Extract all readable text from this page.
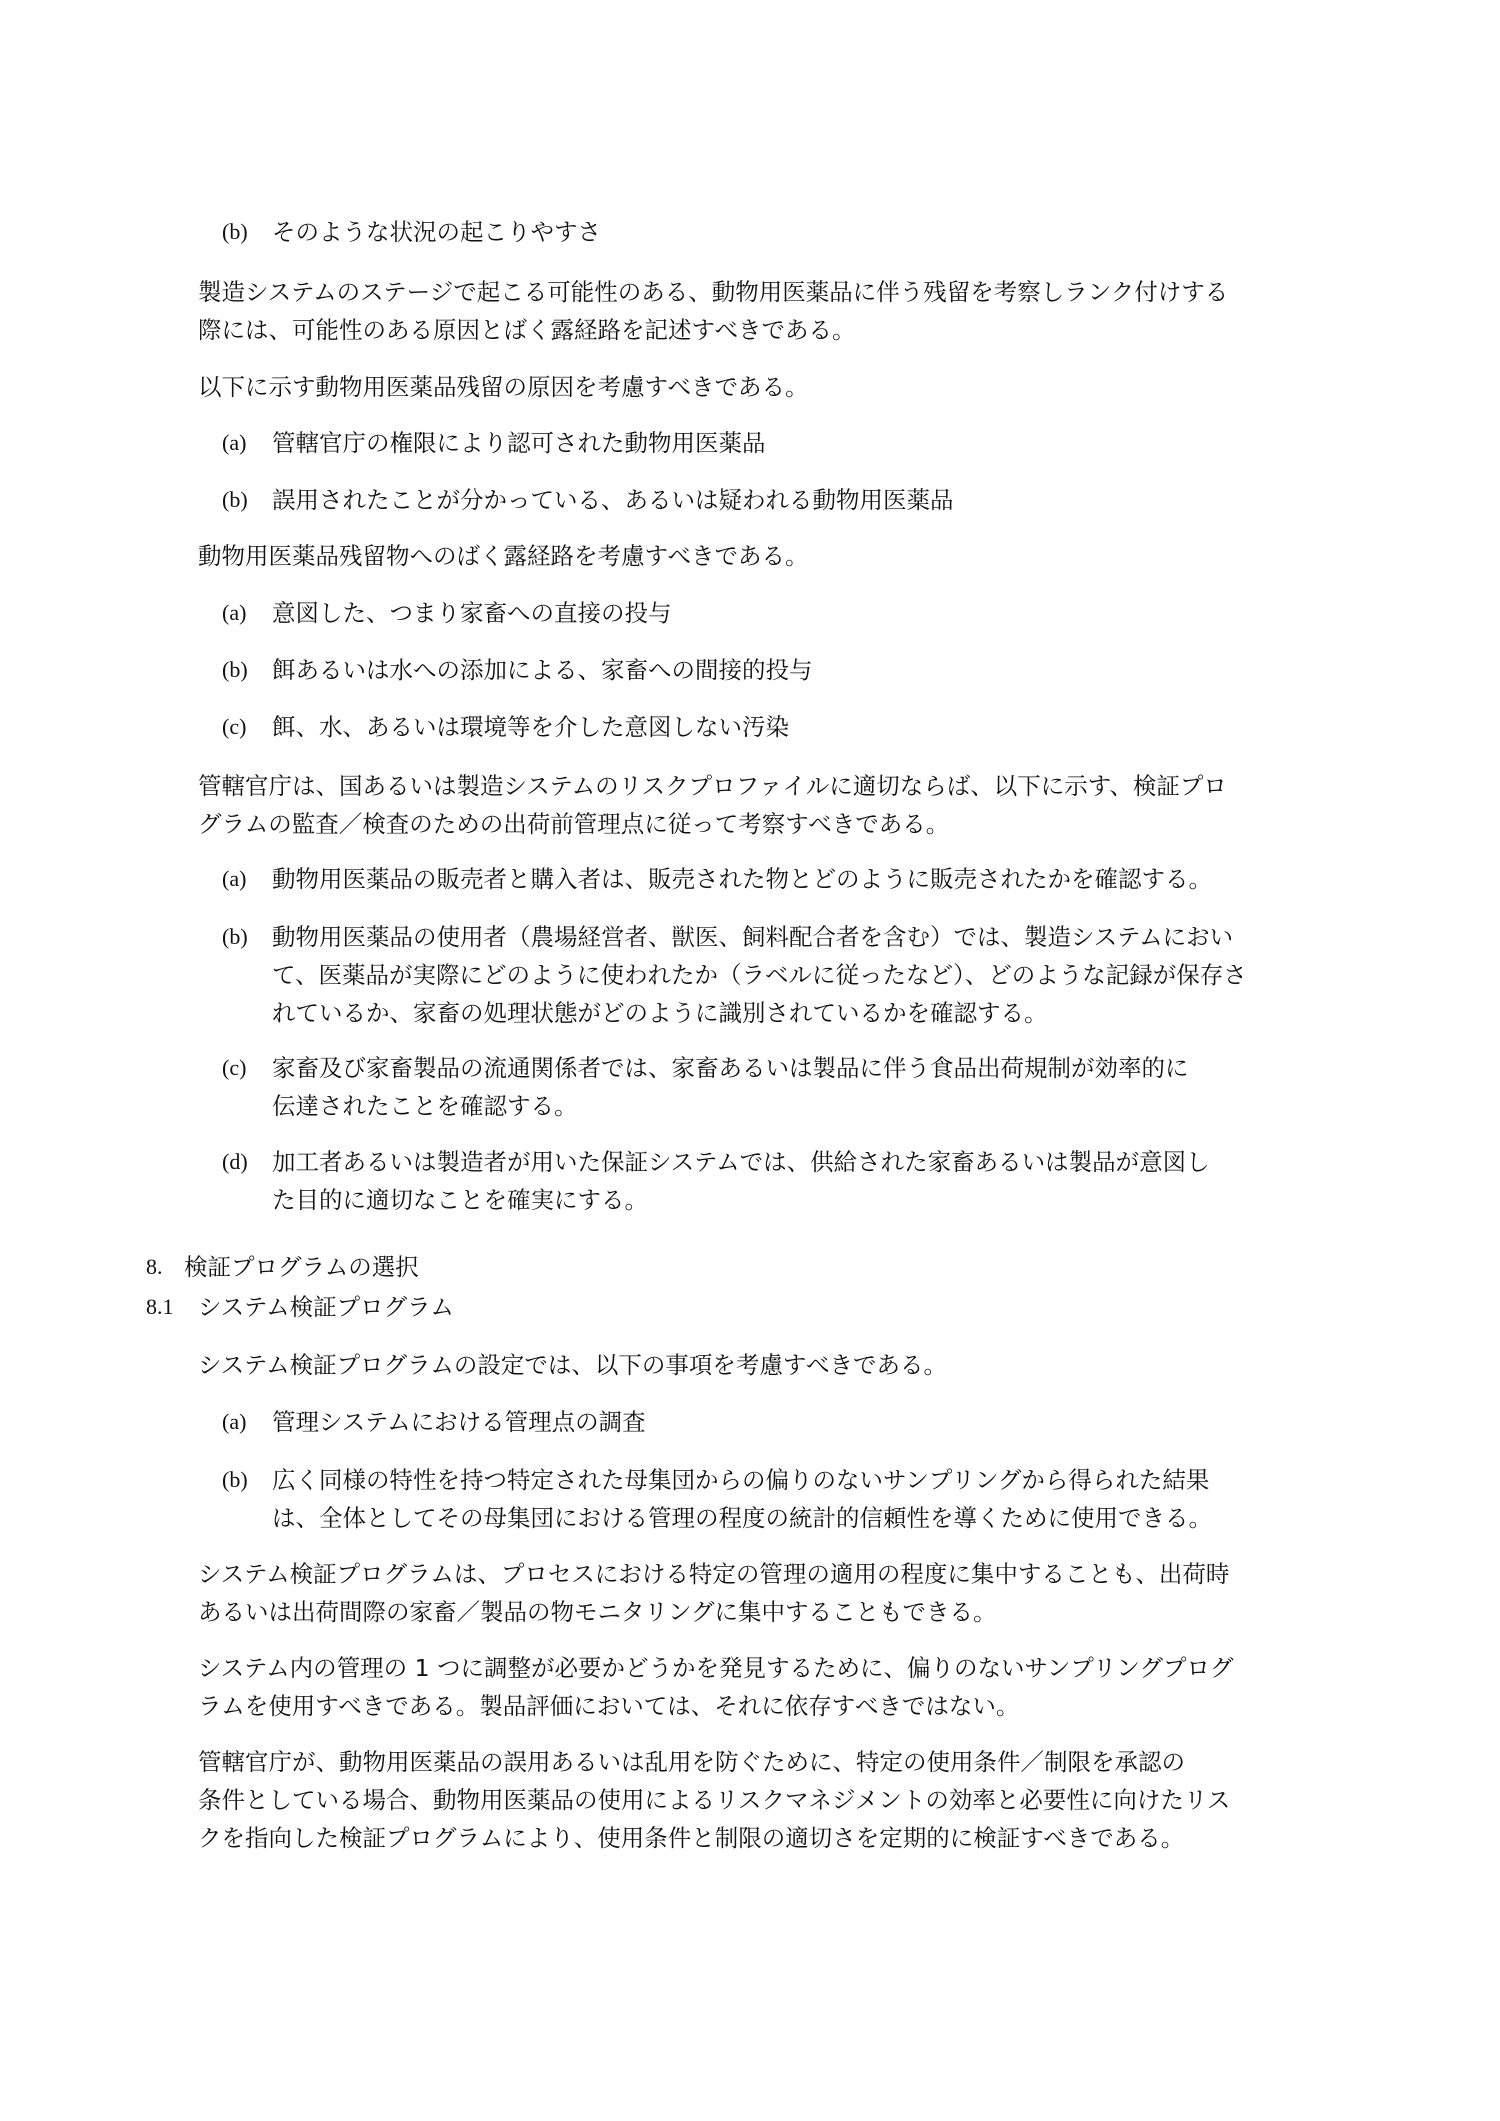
(b) そのような状況の起こりやすさ
製造システムのステージで起こる可能性のある、動物用医薬品に伴う残留を考察しランク付けする
際には、可能性のある原因とばく露経路を記述すべきである。
以下に示す動物用医薬品残留の原因を考慮すべきである。
(a) 管轄官庁の権限により認可された動物用医薬品
(b) 誤用されたことが分かっている、あるいは疑われる動物用医薬品
動物用医薬品残留物へのばく露経路を考慮すべきである。
(a) 意図した、つまり家畜への直接の投与
(b) 餌あるいは水への添加による、家畜への間接的投与
(c) 餌、水、あるいは環境等を介した意図しない汚染
管轄官庁は、国あるいは製造システムのリスクプロファイルに適切ならば、以下に示す、検証プロ
グラムの監査／検査のための出荷前管理点に従って考察すべきである。
(a) 動物用医薬品の販売者と購入者は、販売された物とどのように販売されたかを確認する。
(b) 動物用医薬品の使用者（農場経営者、獣医、飼料配合者を含む）では、製造システムにおい
て、医薬品が実際にどのように使われたか（ラベルに従ったなど）、どのような記録が保存さ
れているか、家畜の処理状態がどのように識別されているかを確認する。
(c) 家畜及び家畜製品の流通関係者では、家畜あるいは製品に伴う食品出荷規制が効率的に
伝達されたことを確認する。
(d) 加工者あるいは製造者が用いた保証システムでは、供給された家畜あるいは製品が意図し
た目的に適切なことを確実にする。
8. 検証プログラムの選択
8.1 システム検証プログラム
システム検証プログラムの設定では、以下の事項を考慮すべきである。
(a) 管理システムにおける管理点の調査
(b) 広く同様の特性を持つ特定された母集団からの偏りのないサンプリングから得られた結果
は、全体としてその母集団における管理の程度の統計的信頼性を導くために使用できる。
システム検証プログラムは、プロセスにおける特定の管理の適用の程度に集中することも、出荷時
あるいは出荷間際の家畜／製品の物モニタリングに集中することもできる。
システム内の管理の 1 つに調整が必要かどうかを発見するために、偏りのないサンプリングプログ
ラムを使用すべきである。製品評価においては、それに依存すべきではない。
管轄官庁が、動物用医薬品の誤用あるいは乱用を防ぐために、特定の使用条件／制限を承認の
条件としている場合、動物用医薬品の使用によるリスクマネジメントの効率と必要性に向けたリス
クを指向した検証プログラムにより、使用条件と制限の適切さを定期的に検証すべきである。
